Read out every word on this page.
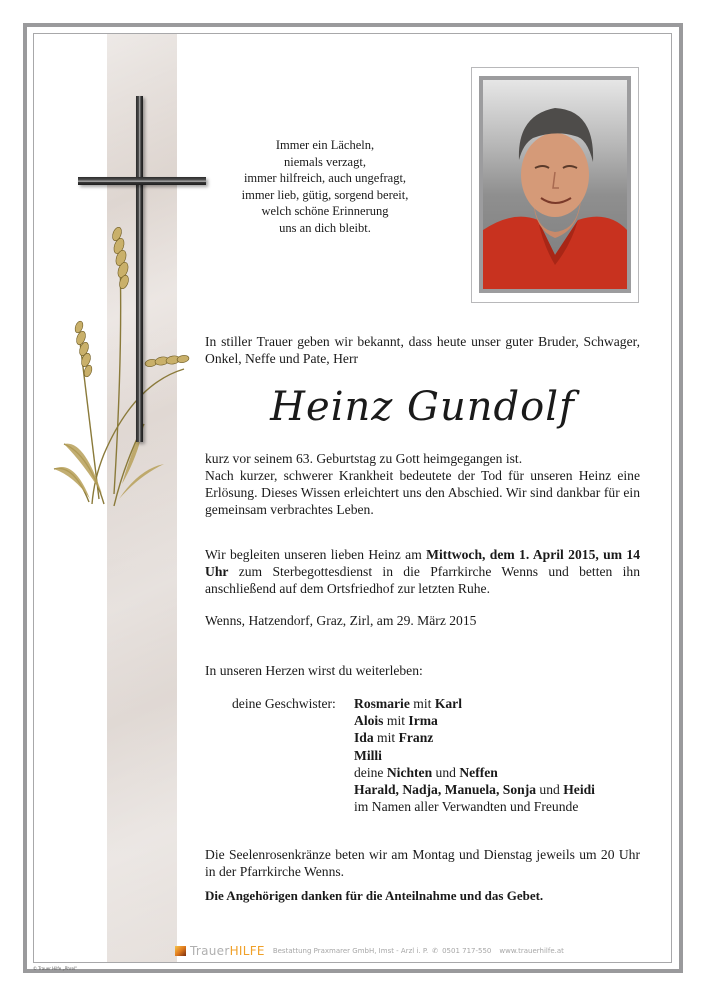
Immer ein Lächeln,
niemals verzagt,
immer hilfreich, auch ungefragt,
immer lieb, gütig, sorgend bereit,
welch schöne Erinnerung
uns an dich bleibt.
In stiller Trauer geben wir bekannt, dass heute unser guter Bruder, Schwager, Onkel, Neffe und Pate, Herr
Heinz Gundolf
kurz vor seinem 63. Geburtstag zu Gott heimgegangen ist.
Nach kurzer, schwerer Krankheit bedeutete der Tod für unseren Heinz eine Erlösung. Dieses Wissen erleichtert uns den Abschied. Wir sind dankbar für ein gemeinsam verbrachtes Leben.
Wir begleiten unseren lieben Heinz am Mittwoch, dem 1. April 2015, um 14 Uhr zum Sterbegottesdienst in die Pfarrkirche Wenns und betten ihn anschließend auf dem Ortsfriedhof zur letzten Ruhe.
Wenns, Hatzendorf, Graz, Zirl, am 29. März 2015
In unseren Herzen wirst du weiterleben:
deine Geschwister: Rosmarie mit Karl
Alois mit Irma
Ida mit Franz
Milli
deine Nichten und Neffen
Harald, Nadja, Manuela, Sonja und Heidi
im Namen aller Verwandten und Freunde
Die Seelenrosenkränze beten wir am Montag und Dienstag jeweils um 20 Uhr in der Pfarrkirche Wenns.
Die Angehörigen danken für die Anteilnahme und das Gebet.
TrauerHILFE	Bestattung Praxmarer GmbH, Imst - Arzl i. P. ✆ 0501 717-550 www.trauerhilfe.at
© Trauer Hilfe „Ährel"
